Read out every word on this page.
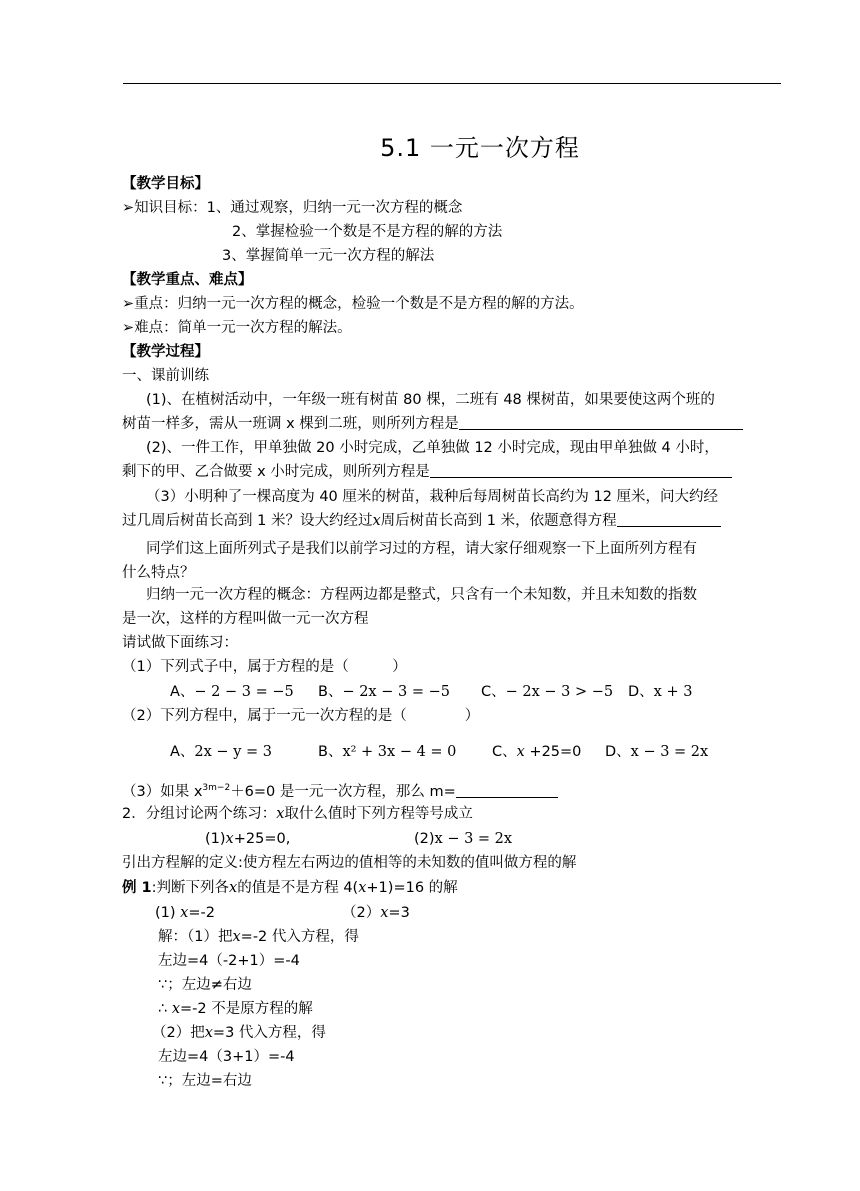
5.1 一元一次方程
【教学目标】
➢知识目标：1、通过观察，归纳一元一次方程的概念
2、掌握检验一个数是不是方程的解的方法
3、掌握简单一元一次方程的解法
【教学重点、难点】
➢重点：归纳一元一次方程的概念，检验一个数是不是方程的解的方法。
➢难点：简单一元一次方程的解法。
【教学过程】
一、课前训练
(1)、在植树活动中，一年级一班有树苗 80 棵，二班有 48 棵树苗，如果要使这两个班的
树苗一样多，需从一班调 x 棵到二班，则所列方程是
(2)、一件工作，甲单独做 20 小时完成，乙单独做 12 小时完成，现由甲单独做 4 小时，
剩下的甲、乙合做要 x 小时完成，则所列方程是
（3）小明种了一棵高度为 40 厘米的树苗，栽种后每周树苗长高约为 12 厘米，问大约经
过几周后树苗长高到 1 米？设大约经过x周后树苗长高到 1 米，依题意得方程
同学们这上面所列式子是我们以前学习过的方程，请大家仔细观察一下上面所列方程有
什么特点？
归纳一元一次方程的概念：方程两边都是整式，只含有一个未知数，并且未知数的指数
是一次，这样的方程叫做一元一次方程
请试做下面练习：
（1）下列式子中，属于方程的是（　　　）
A、− 2 − 3 = −5 B、− 2x − 3 = −5 C、− 2x − 3 > −5 D、x + 3
（2）下列方程中，属于一元一次方程的是（　　　　）
A、2x − y = 3	B、x² + 3x − 4 = 0 C、x +25=0 D、x − 3 = 2x
（3）如果 $x^{3m-2}+6=0$ 是一元一次方程，那么 m=
2．分组讨论两个练习：x取什么值时下列方程等号成立
(1)x+25=0,	(2)x − 3 = 2x
引出方程解的定义:使方程左右两边的值相等的未知数的值叫做方程的解
例 1:判断下列各x的值是不是方程 4(x+1)=16 的解
(1) x=-2	（2）x=3
解：（1）把x=-2 代入方程，得
左边=4（-2+1）=-4
∵；左边≠右边
∴ x=-2 不是原方程的解
（2）把x=3 代入方程，得
左边=4（3+1）=-4
∵；左边=右边
